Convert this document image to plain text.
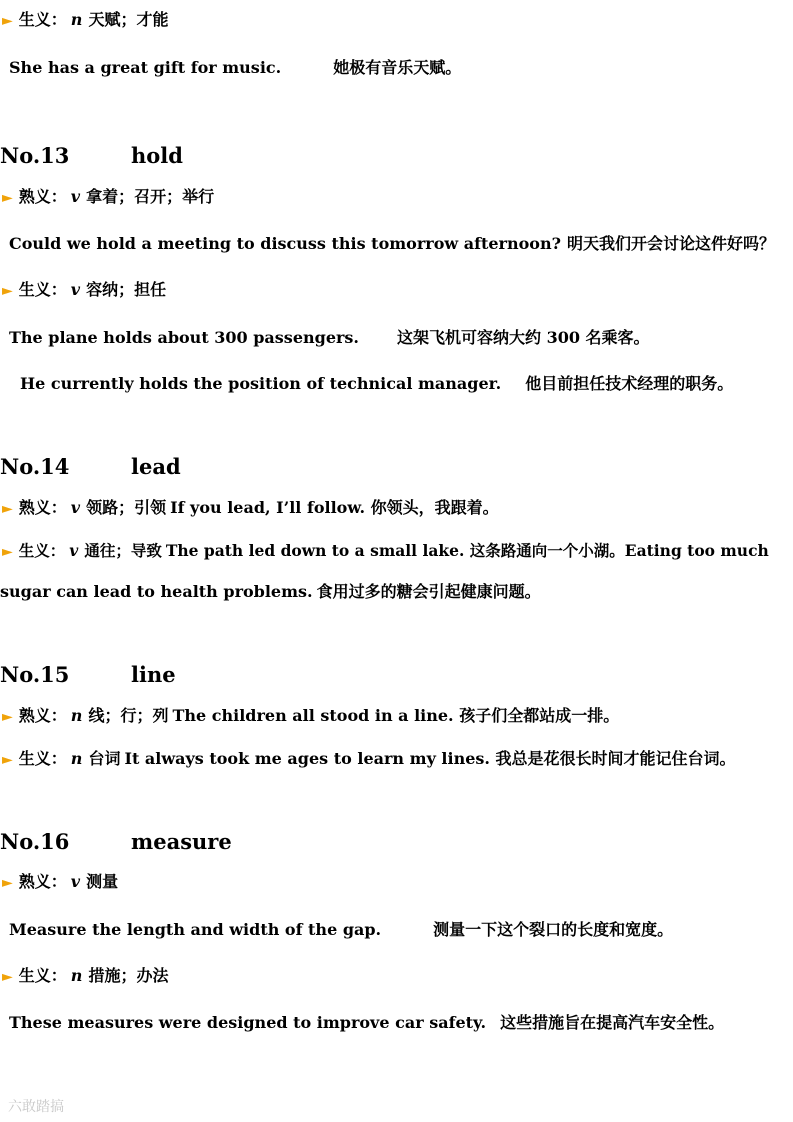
► 生义： n 天赋；才能
She has a great gift for music.	她极有音乐天赋。
No.13	hold
► 熟义： v 拿着；召开；举行
Could we hold a meeting to discuss this tomorrow afternoon? 明天我们开会讨论这件好吗？
► 生义： v 容纳；担任
The plane holds about 300 passengers. 这架飞机可容纳大约 300 名乘客。
He currently holds the position of technical manager. 他目前担任技术经理的职务。
No.14	lead
► 熟义： v 领路；引领 If you lead, I’ll follow. 你领头，我跟着。
► 生义： v 通往；导致 The path led down to a small lake. 这条路通向一个小湖。Eating too much
sugar can lead to health problems. 食用过多的糖会引起健康问题。
No.15	line
► 熟义： n 线；行；列 The children all stood in a line. 孩子们全都站成一排。
► 生义： n 台词 It always took me ages to learn my lines. 我总是花很长时间才能记住台词。
No.16	measure
► 熟义： v 测量
Measure the length and width of the gap.	测量一下这个裂口的长度和宽度。
► 生义： n 措施；办法
These measures were designed to improve car safety. 这些措施旨在提高汽车安全性。
六敢踏搞
